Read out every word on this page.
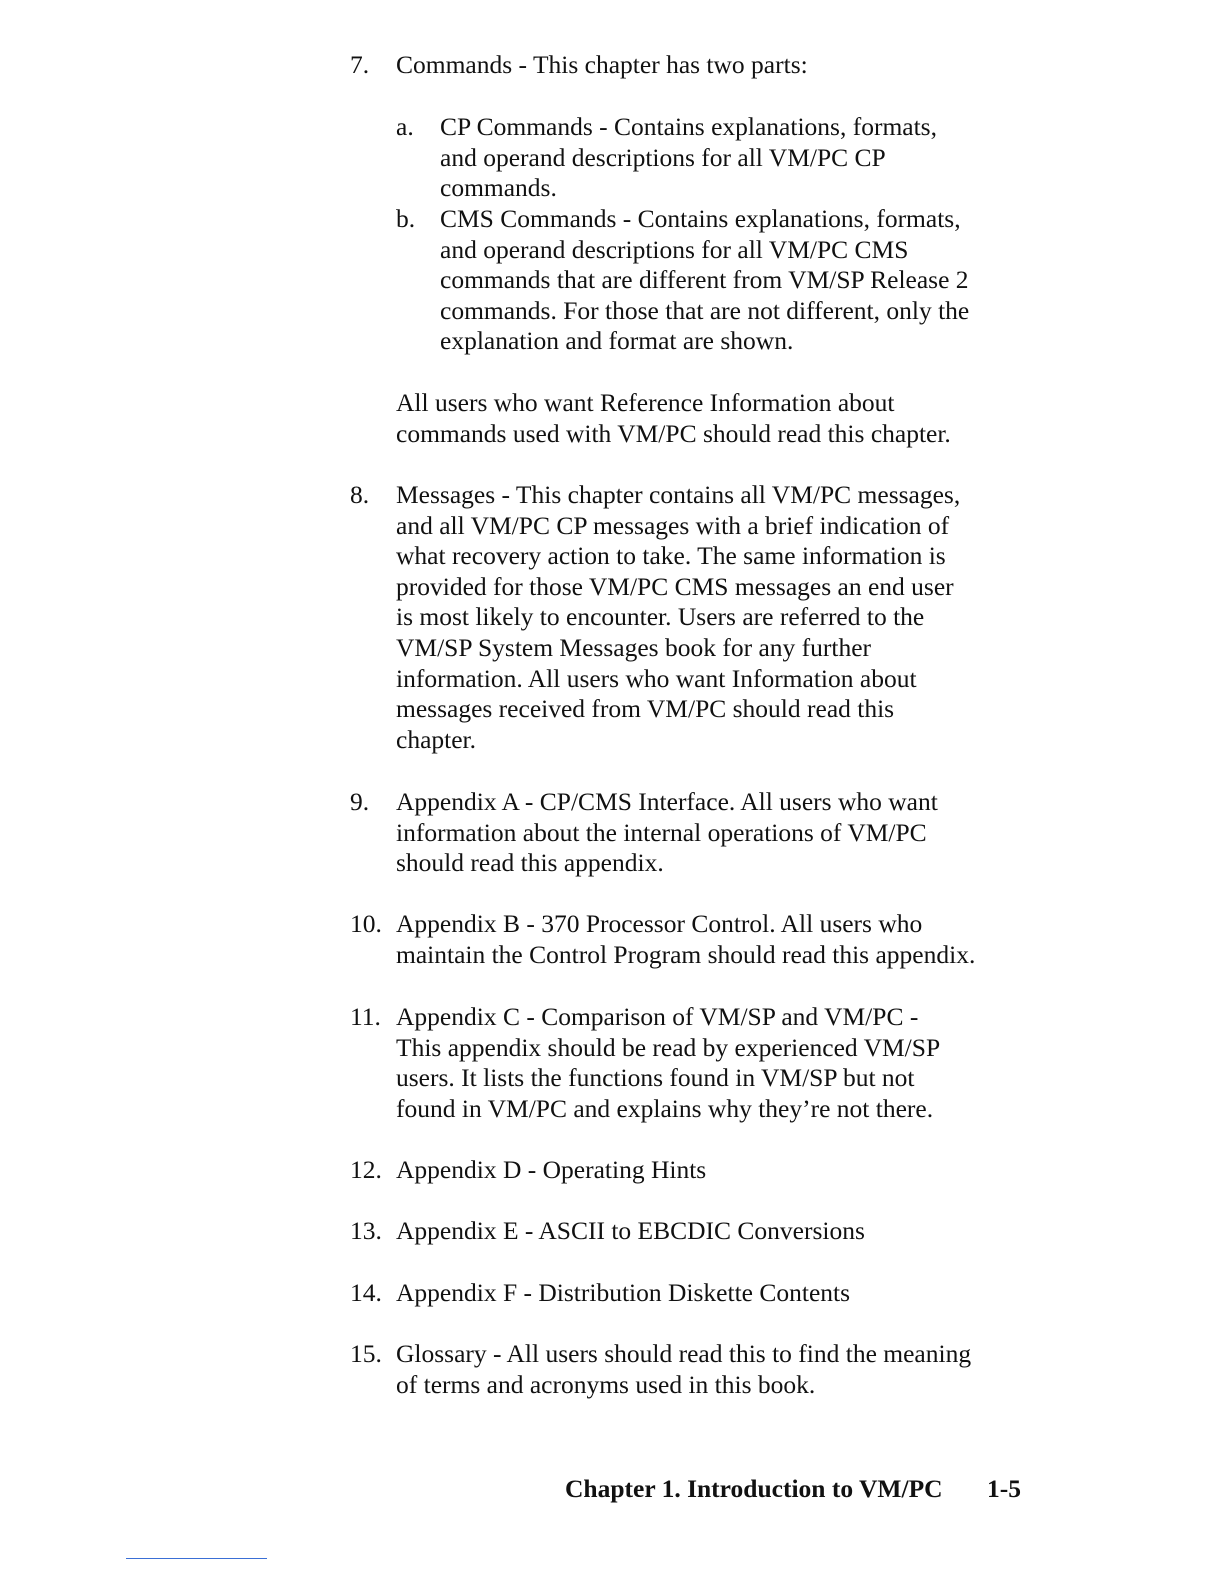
7.	Commands - This chapter has two parts:
a.	CP Commands - Contains explanations, formats,
and operand descriptions for all VM/PC CP
commands.
b. CMS Commands - Contains explanations, formats,
and operand descriptions for all VM/PC CMS
commands that are different from VM/SP Release 2
commands. For those that are not different, only the
explanation and format are shown.
All users who want Reference Information about
commands used with VM/PC should read this chapter.
8.	Messages - This chapter contains all VM/PC messages,
and all VM/PC CP messages with a brief indication of
what recovery action to take. The same information is
provided for those VM/PC CMS messages an end user
is most likely to encounter. Users are referred to the
VM/SP System Messages book for any further
information. All users who want Information about
messages received from VM/PC should read this
chapter.
9.	Appendix A - CP/CMS Interface. All users who want
information about the internal operations of VM/PC
should read this appendix.
10. Appendix B - 370 Processor Control. All users who
maintain the Control Program should read this appendix.
11. Appendix C - Comparison of VM/SP and VM/PC -
This appendix should be read by experienced VM/SP
users. It lists the functions found in VM/SP but not
found in VM/PC and explains why they’re not there.
12. Appendix D - Operating Hints
13. Appendix E - ASCII to EBCDIC Conversions
14. Appendix F - Distribution Diskette Contents
15. Glossary - All users should read this to find the meaning
of terms and acronyms used in this book.
Chapter 1. Introduction to VM/PC 1-5
